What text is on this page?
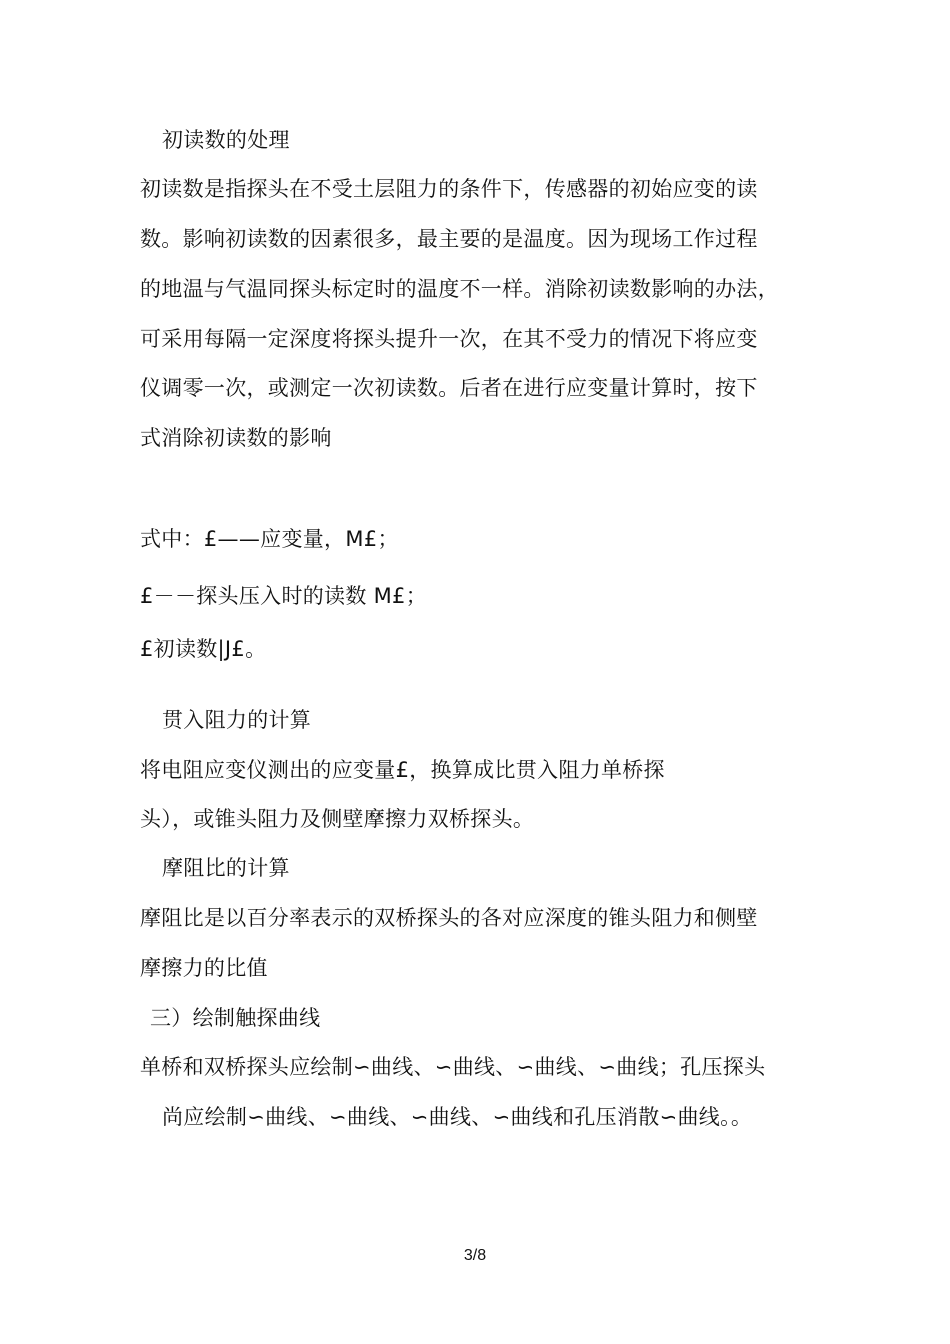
初读数的处理
初读数是指探头在不受土层阻力的条件下，传感器的初始应变的读
数。影响初读数的因素很多，最主要的是温度。因为现场工作过程
的地温与气温同探头标定时的温度不一样。消除初读数影响的办法，
可采用每隔一定深度将探头提升一次，在其不受力的情况下将应变
仪调零一次，或测定一次初读数。后者在进行应变量计算时，按下
式消除初读数的影响
式中：£——应变量，M£；
£－－探头压入时的读数 M£；
£初读数|J£。
贯入阻力的计算
将电阻应变仪测出的应变量£，换算成比贯入阻力单桥探
头），或锥头阻力及侧壁摩擦力双桥探头。
摩阻比的计算
摩阻比是以百分率表示的双桥探头的各对应深度的锥头阻力和侧壁
摩擦力的比值
三）绘制触探曲线
单桥和双桥探头应绘制∽曲线、∽曲线、∽曲线、∽曲线；孔压探头
尚应绘制∽曲线、∽曲线、∽曲线、∽曲线和孔压消散∽曲线。。
3/8
